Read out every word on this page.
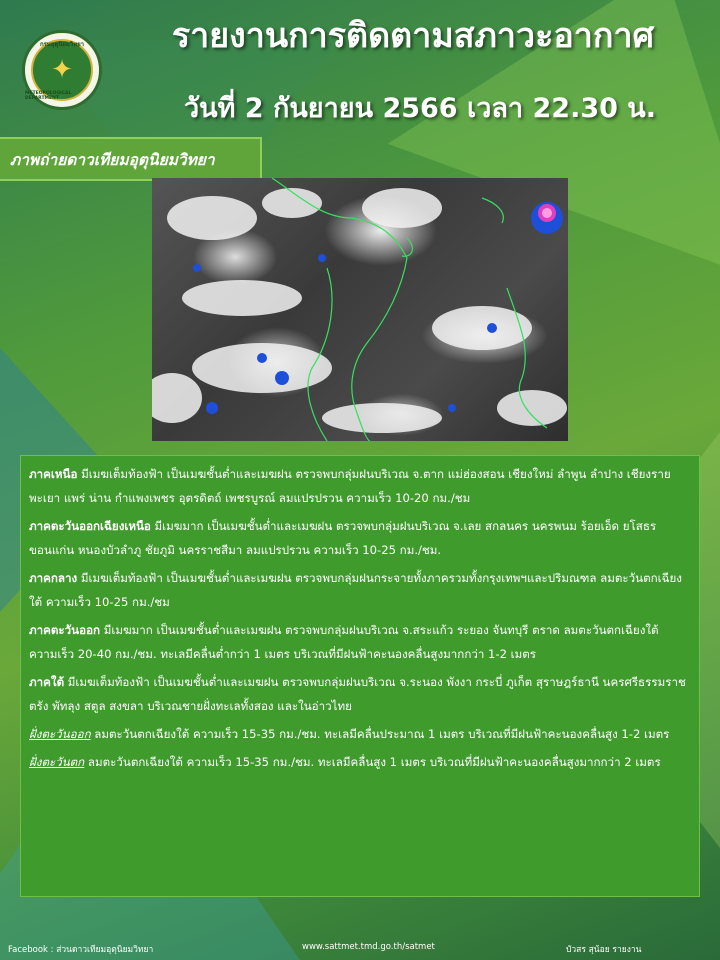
กรมอุตุนิยมวิทยา
✦
METEOROLOGICAL DEPARTMENT
รายงานการติดตามสภาวะอากาศ
วันที่ 2 กันยายน 2566 เวลา 22.30 น.
ภาพถ่ายดาวเทียมอุตุนิยมวิทยา

ภาคเหนือ มีเมฆเต็มท้องฟ้า เป็นเมฆชั้นต่ำและเมฆฝน ตรวจพบกลุ่มฝนบริเวณ จ.ตาก แม่ฮ่องสอน เชียงใหม่ ลำพูน ลำปาง เชียงราย พะเยา แพร่ น่าน กำแพงเพชร อุตรดิตถ์ เพชรบูรณ์ ลมแปรปรวน ความเร็ว 10-20 กม./ชม

ภาคตะวันออกเฉียงเหนือ มีเมฆมาก เป็นเมฆชั้นต่ำและเมฆฝน ตรวจพบกลุ่มฝนบริเวณ จ.เลย สกลนคร นครพนม ร้อยเอ็ด ยโสธร ขอนแก่น หนองบัวลำภู ชัยภูมิ นครราชสีมา ลมแปรปรวน ความเร็ว 10-25 กม./ชม.

ภาคกลาง มีเมฆเต็มท้องฟ้า เป็นเมฆชั้นต่ำและเมฆฝน ตรวจพบกลุ่มฝนกระจายทั้งภาครวมทั้งกรุงเทพฯและปริมณฑล ลมตะวันตกเฉียงใต้ ความเร็ว 10-25 กม./ชม

ภาคตะวันออก มีเมฆมาก เป็นเมฆชั้นต่ำและเมฆฝน ตรวจพบกลุ่มฝนบริเวณ จ.สระแก้ว ระยอง จันทบุรี ตราด ลมตะวันตกเฉียงใต้ ความเร็ว 20-40 กม./ชม. ทะเลมีคลื่นต่ำกว่า 1 เมตร บริเวณที่มีฝนฟ้าคะนองคลื่นสูงมากกว่า 1-2 เมตร

ภาคใต้ มีเมฆเต็มท้องฟ้า เป็นเมฆชั้นต่ำและเมฆฝน ตรวจพบกลุ่มฝนบริเวณ จ.ระนอง พังงา กระบี่ ภูเก็ต สุราษฎร์ธานี นครศรีธรรมราช ตรัง พัทลุง สตูล สงขลา บริเวณชายฝั่งทะเลทั้งสอง และในอ่าวไทย

ฝั่งตะวันออก ลมตะวันตกเฉียงใต้ ความเร็ว 15-35 กม./ชม. ทะเลมีคลื่นประมาณ 1 เมตร บริเวณที่มีฝนฟ้าคะนองคลื่นสูง 1-2 เมตร

ฝั่งตะวันตก ลมตะวันตกเฉียงใต้ ความเร็ว 15-35 กม./ชม. ทะเลมีคลื่นสูง 1 เมตร บริเวณที่มีฝนฟ้าคะนองคลื่นสูงมากกว่า 2 เมตร

Facebook : ส่วนดาวเทียมอุตุนิยมวิทยา	www.sattmet.tmd.go.th/satmet	บัวสร สุน้อย รายงาน
